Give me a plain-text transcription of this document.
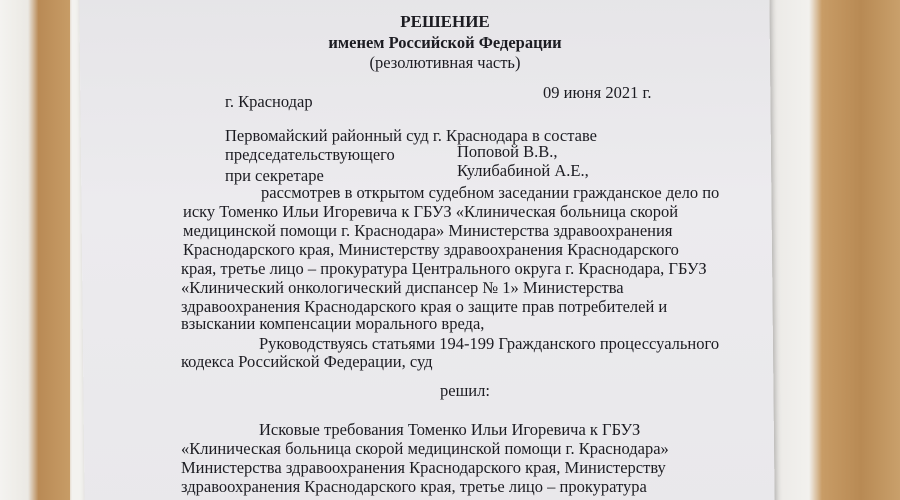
РЕШЕНИЕ
именем Российской Федерации
(резолютивная часть)
г. Краснодар	09 июня 2021 г.
Первомайский районный суд г. Краснодара в составе
председательствующего	Поповой В.В.,
при секретаре	Кулибабиной А.Е.,
рассмотрев в открытом судебном заседании гражданское дело по
иску Томенко Ильи Игоревича к ГБУЗ «Клиническая больница скорой
медицинской помощи г. Краснодара» Министерства здравоохранения
Краснодарского края, Министерству здравоохранения Краснодарского
края, третье лицо – прокуратура Центрального округа г. Краснодара, ГБУЗ
«Клинический онкологический диспансер № 1» Министерства
здравоохранения Краснодарского края о защите прав потребителей и
взыскании компенсации морального вреда,
Руководствуясь статьями 194-199 Гражданского процессуального
кодекса Российской Федерации, суд
решил:
Исковые требования Томенко Ильи Игоревича к ГБУЗ
«Клиническая больница скорой медицинской помощи г. Краснодара»
Министерства здравоохранения Краснодарского края, Министерству
здравоохранения Краснодарского края, третье лицо – прокуратура
